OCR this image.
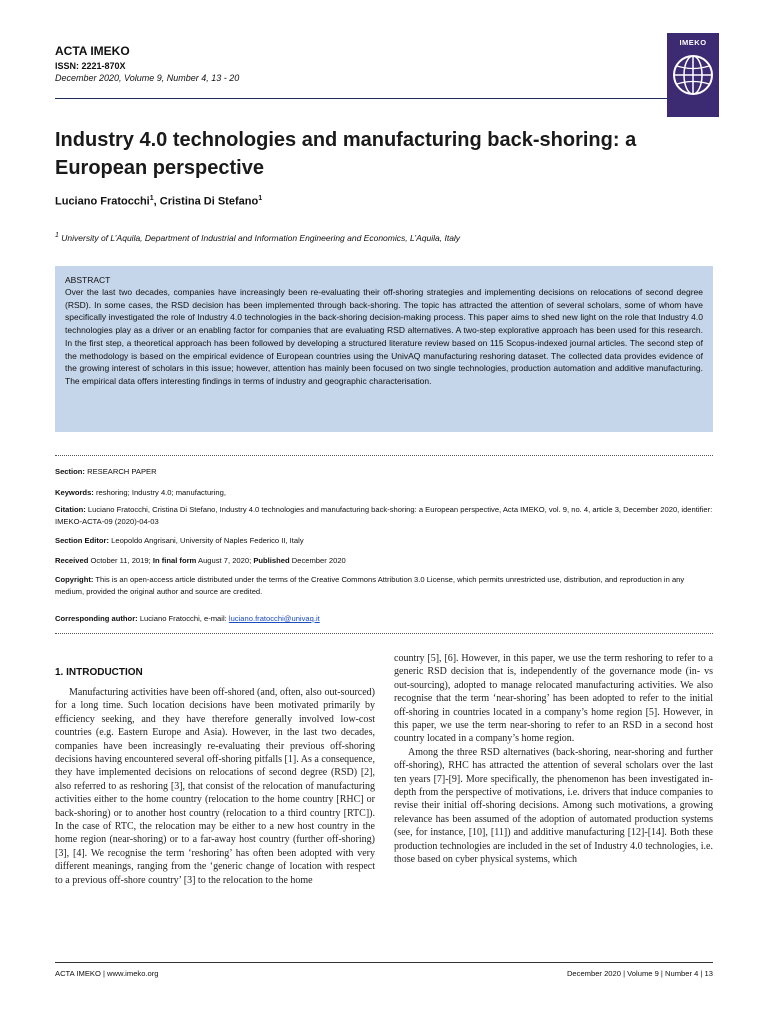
ACTA IMEKO
ISSN: 2221-870X
December 2020, Volume 9, Number 4, 13 - 20
IMEKO
Industry 4.0 technologies and manufacturing back-shoring: a European perspective
Luciano Fratocchi$^1$, Cristina Di Stefano$^1$
$^1$ University of L’Aquila, Department of Industrial and Information Engineering and Economics, L’Aquila, Italy
ABSTRACT
Over the last two decades, companies have increasingly been re-evaluating their off-shoring strategies and implementing decisions on relocations of second degree (RSD). In some cases, the RSD decision has been implemented through back-shoring. The topic has attracted the attention of several scholars, some of whom have specifically investigated the role of Industry 4.0 technologies in the back-shoring decision-making process. This paper aims to shed new light on the role that Industry 4.0 technologies play as a driver or an enabling factor for companies that are evaluating RSD alternatives. A two-step explorative approach has been used for this research. In the first step, a theoretical approach has been followed by developing a structured literature review based on 115 Scopus-indexed journal articles. The second step of the methodology is based on the empirical evidence of European countries using the UnivAQ manufacturing reshoring dataset. The collected data provides evidence of the growing interest of scholars in this issue; however, attention has mainly been focused on two single technologies, production automation and additive manufacturing. The empirical data offers interesting findings in terms of industry and geographic characterisation.
Section: RESEARCH PAPER
Keywords: reshoring; Industry 4.0; manufacturing,
Citation: Luciano Fratocchi, Cristina Di Stefano, Industry 4.0 technologies and manufacturing back-shoring: a European perspective, Acta IMEKO, vol. 9, no. 4, article 3, December 2020, identifier: IMEKO-ACTA-09 (2020)-04-03
Section Editor: Leopoldo Angrisani, University of Naples Federico II, Italy
Received October 11, 2019; In final form August 7, 2020; Published December 2020
Copyright: This is an open-access article distributed under the terms of the Creative Commons Attribution 3.0 License, which permits unrestricted use, distribution, and reproduction in any medium, provided the original author and source are credited.
Corresponding author: Luciano Fratocchi, e-mail: luciano.fratocchi@univaq.it
1. INTRODUCTION

Manufacturing activities have been off-shored (and, often, also out-sourced) for a long time. Such location decisions have been motivated primarily by efficiency seeking, and they have therefore generally involved low-cost countries (e.g. Eastern Europe and Asia). However, in the last two decades, companies have been increasingly re-evaluating their previous off-shoring decisions having encountered several off-shoring pitfalls [1]. As a consequence, they have implemented decisions on relocations of second degree (RSD) [2], also referred to as reshoring [3], that consist of the relocation of manufacturing activities either to the home country (relocation to the home country [RHC] or back-shoring) or to another host country (relocation to a third country [RTC]). In the case of RTC, the relocation may be either to a new host country in the home region (near-shoring) or to a far-away host country (further off-shoring) [3], [4]. We recognise the term ‘reshoring’ has often been adopted with very different meanings, ranging from the ‘generic change of location with respect to a previous off-shore country’ [3] to the relocation to the home

country [5], [6]. However, in this paper, we use the term reshoring to refer to a generic RSD decision that is, independently of the governance mode (in- vs out-sourcing), adopted to manage relocated manufacturing activities. We also recognise that the term ‘near-shoring’ has been adopted to refer to the initial off-shoring in countries located in a company’s home region [5]. However, in this paper, we use the term near-shoring to refer to an RSD in a second host country located in a company’s home region.

Among the three RSD alternatives (back-shoring, near-shoring and further off-shoring), RHC has attracted the attention of several scholars over the last ten years [7]-[9]. More specifically, the phenomenon has been investigated in-depth from the perspective of motivations, i.e. drivers that induce companies to revise their initial off-shoring decisions. Among such motivations, a growing relevance has been assumed of the adoption of automated production systems (see, for instance, [10], [11]) and additive manufacturing [12]-[14]. Both these production technologies are included in the set of Industry 4.0 technologies, i.e. those based on cyber physical systems, which

ACTA IMEKO | www.imeko.org	December 2020 | Volume 9 | Number 4 | 13
